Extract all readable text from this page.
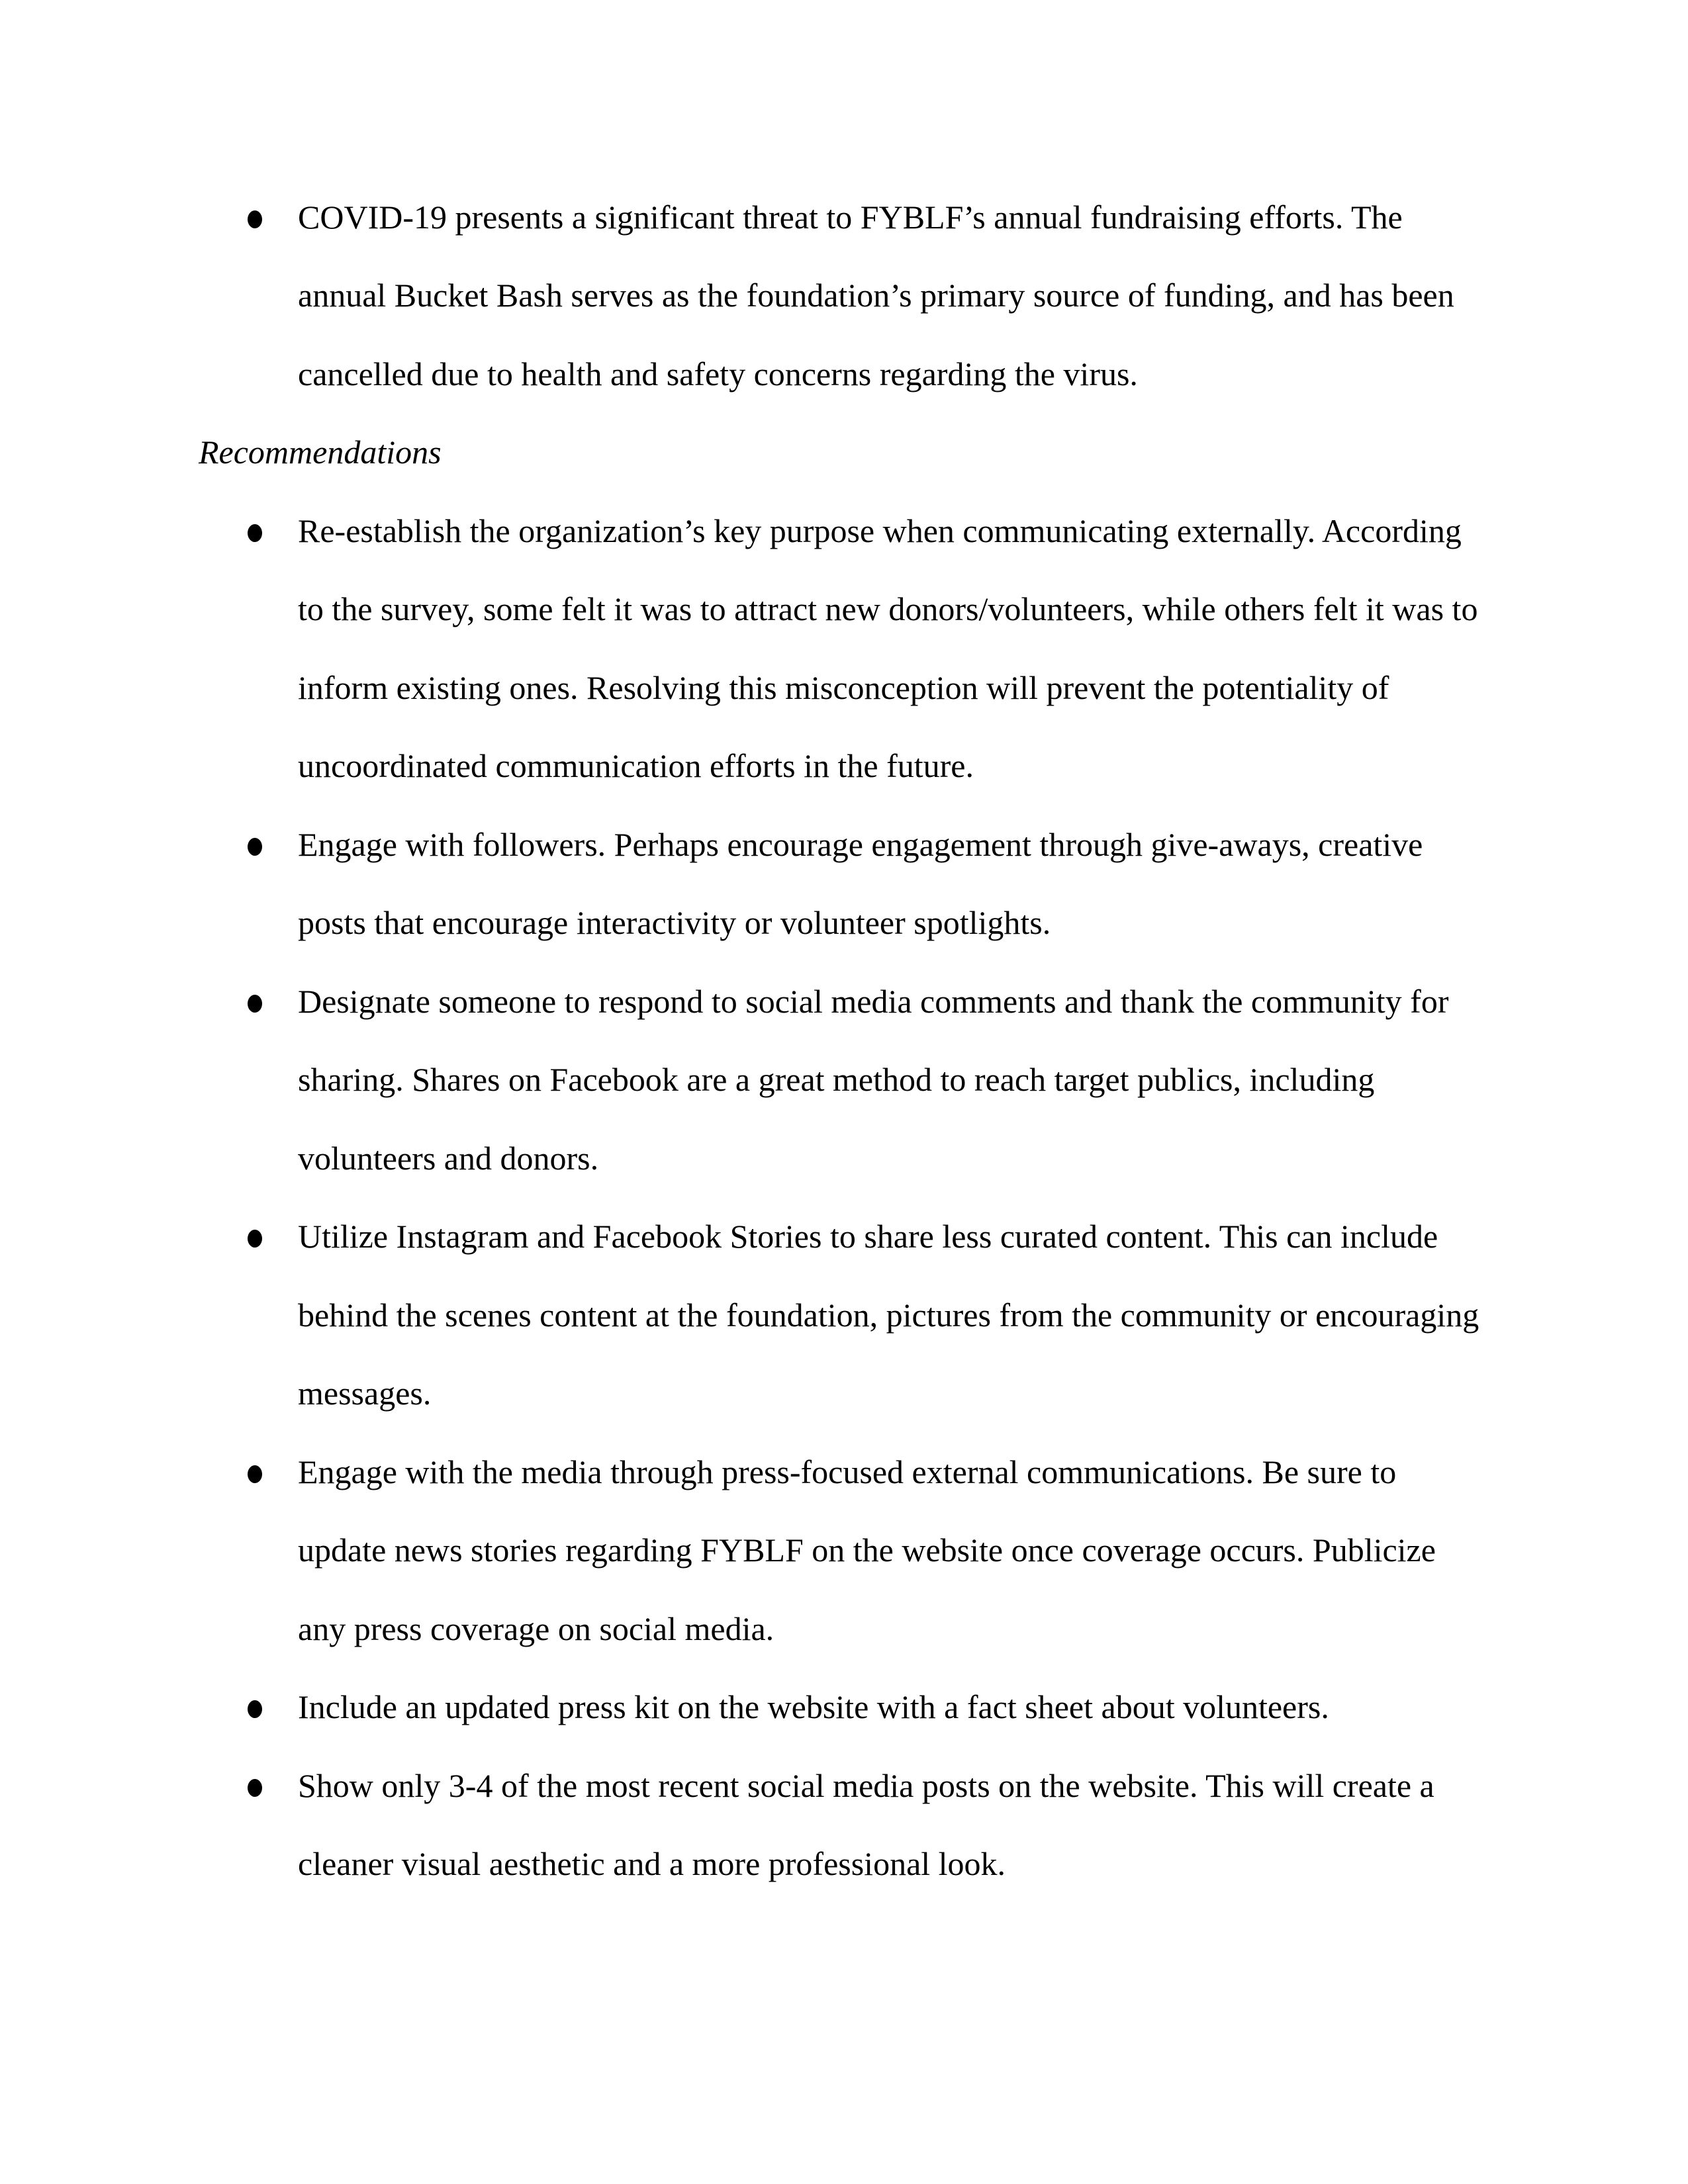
COVID-19 presents a significant threat to FYBLF’s annual fundraising efforts. The
annual Bucket Bash serves as the foundation’s primary source of funding, and has been
cancelled due to health and safety concerns regarding the virus.
Recommendations
Re-establish the organization’s key purpose when communicating externally. According
to the survey, some felt it was to attract new donors/volunteers, while others felt it was to
inform existing ones. Resolving this misconception will prevent the potentiality of
uncoordinated communication efforts in the future.
Engage with followers. Perhaps encourage engagement through give-aways, creative
posts that encourage interactivity or volunteer spotlights.
Designate someone to respond to social media comments and thank the community for
sharing. Shares on Facebook are a great method to reach target publics, including
volunteers and donors.
Utilize Instagram and Facebook Stories to share less curated content. This can include
behind the scenes content at the foundation, pictures from the community or encouraging
messages.
Engage with the media through press-focused external communications. Be sure to
update news stories regarding FYBLF on the website once coverage occurs. Publicize
any press coverage on social media.
Include an updated press kit on the website with a fact sheet about volunteers.
Show only 3-4 of the most recent social media posts on the website. This will create a
cleaner visual aesthetic and a more professional look.
